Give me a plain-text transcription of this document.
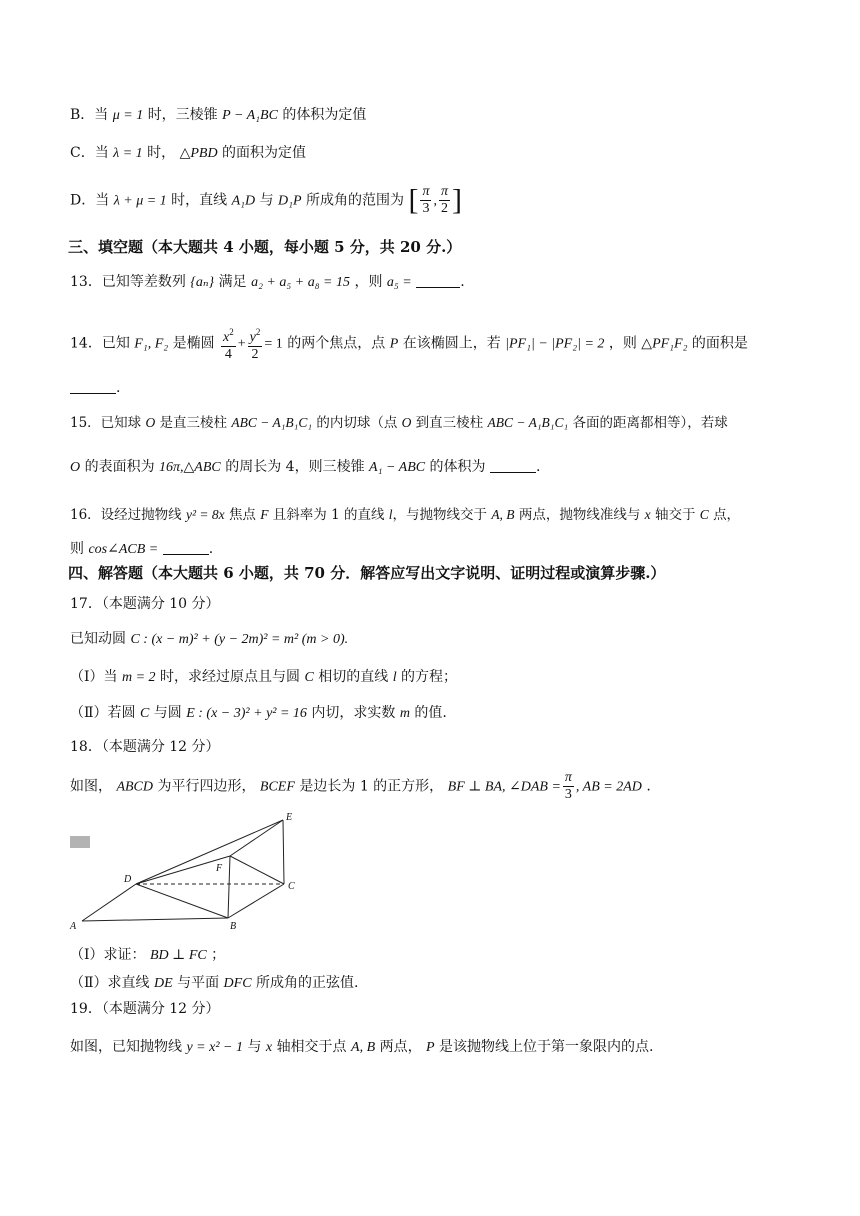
B．当 μ = 1 时，三棱锥 P − A₁BC 的体积为定值
C．当 λ = 1 时， △PBD 的面积为定值
D．当 λ + μ = 1 时，直线 A₁D 与 D₁P 所成角的范围为 [ $\frac{\pi}{3}$ , $\frac{\pi}{2}$ ]
三、填空题（本大题共 4 小题，每小题 5 分，共 20 分.）
13．已知等差数列 {aₙ} 满足 a₂ + a₅ + a₈ = 15 ，则 a₅ =	.
14．已知 F₁, F₂ 是椭圆 $\frac{x^2}{4} + \frac{y^2}{2} = 1$ 的两个焦点，点 P 在该椭圆上，若 |PF₁| − |PF₂| = 2 ，则 △PF₁F₂ 的面积是
.
15．已知球 O 是直三棱柱 ABC − A₁B₁C₁ 的内切球（点 O 到直三棱柱 ABC − A₁B₁C₁ 各面的距离都相等），若球
O 的表面积为 16π,△ABC 的周长为 4，则三棱锥 A₁ − ABC 的体积为	.
16．设经过抛物线 y² = 8x 焦点 F 且斜率为 1 的直线 l，与抛物线交于 A, B 两点，抛物线准线与 x 轴交于 C 点，
则 cos∠ACB =	.
四、解答题（本大题共 6 小题，共 70 分．解答应写出文字说明、证明过程或演算步骤.）
17．（本题满分 10 分）
已知动圆 C : (x − m)² + (y − 2m)² = m² (m > 0).
（Ⅰ）当 m = 2 时，求经过原点且与圆 C 相切的直线 l 的方程；
（Ⅱ）若圆 C 与圆 E : (x − 3)² + y² = 16 内切，求实数 m 的值.
18．（本题满分 12 分）
如图， ABCD 为平行四边形， BCEF 是边长为 1 的正方形， BF ⊥ BA, ∠DAB = $\frac{\pi}{3}$ , AB = 2AD .
E
F
D
C
A	B
（Ⅰ）求证： BD ⊥ FC ；
（Ⅱ）求直线 DE 与平面 DFC 所成角的正弦值.
19．（本题满分 12 分）
如图，已知抛物线 y = x² − 1 与 x 轴相交于点 A, B 两点， P 是该抛物线上位于第一象限内的点.
